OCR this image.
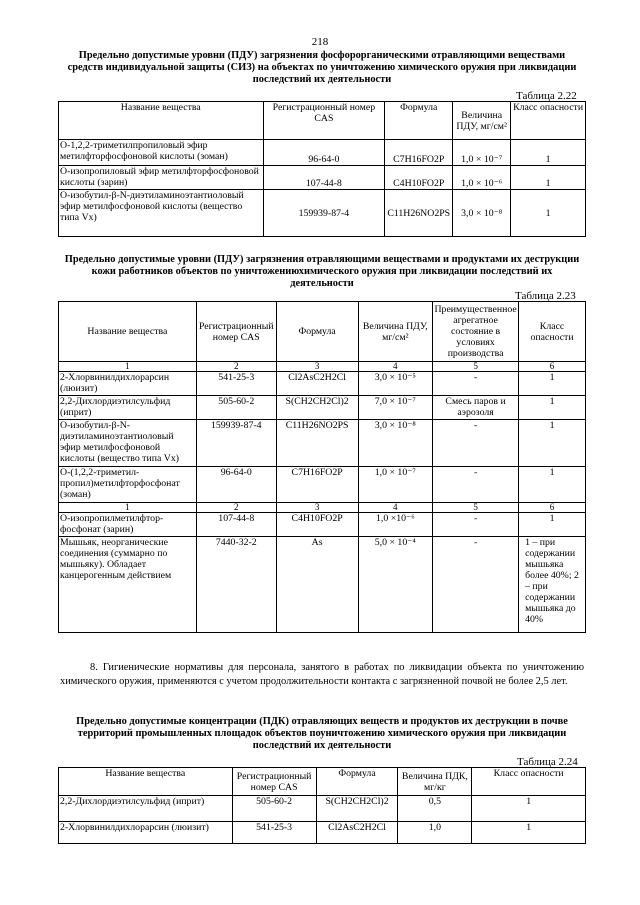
218
Предельно допустимые уровни (ПДУ) загрязнения фосфорорганическими отравляющими веществами средств индивидуальной защиты (СИЗ) на объектах по уничтожению химического оружия при ликвидации последствий их деятельности
Таблица 2.22
Название вещества	Регистрационный номер CAS	Формула	Величина ПДУ, мг/см²	Класс опасности
О-1,2,2-триметилпропиловый эфир метилфторфосфоновой кислоты (зоман)	96-64-0	C7H16FO2P	1,0 × 10⁻⁷	1
О-изопропиловый эфир метилфторфосфоновой кислоты (зарин)	107-44-8	C4H10FO2P	1,0 × 10⁻⁶	1
О-изобутил-β-N-диэтиламиноэтантиоловый эфир метилфосфоновой кислоты (вещество типа Vx)	159939-87-4	C11H26NO2PS	3,0 × 10⁻⁸	1
Предельно допустимые уровни (ПДУ) загрязнения отравляющими веществами и продуктами их деструкции кожи работников объектов по уничтожениюхимического оружия при ликвидации последствий их деятельности
Таблица 2.23
Название вещества	Регистрационный номер CAS	Формула	Величина ПДУ, мг/см²	Преимущественное агрегатное состояние в условиях производства	Класс опасности
1	2	3	4	5	6
2-Хлорвинилдихлорарсин (люизит)	541-25-3	Cl2AsC2H2Cl	3,0 × 10⁻⁵	-	1
2,2-Дихлордиэтилсульфид (иприт)	505-60-2	S(CH2CH2Cl)2	7,0 × 10⁻⁷	Смесь паров и аэрозоля	1
О-изобутил-β-N-диэтиламиноэтантиоловый эфир метилфосфоновой кислоты (вещество типа Vx)	159939-87-4	C11H26NO2PS	3,0 × 10⁻⁸	-	1
О-(1,2,2-триметил-пропил)метилфторфосфонат (зоман)	96-64-0	C7H16FO2P	1,0 × 10⁻⁷	-	1
1	2	3	4	5	6
О-изопропилметилфтор-фосфонат (зарин)	107-44-8	C4H10FO2P	1,0 ×10⁻⁶	-	1
Мышьяк, неорганические соединения (суммарно по мышьяку). Обладает канцерогенным действием	7440-32-2	As	5,0 × 10⁻⁴	-	1 – при содержании мышьяка более 40%; 2 – при содержании мышьяка до 40%
8. Гигиенические нормативы для персонала, занятого в работах по ликвидации объекта по уничтожению химического оружия, применяются с учетом продолжительности контакта с загрязненной почвой не более 2,5 лет.
Предельно допустимые концентрации (ПДК) отравляющих веществ и продуктов их деструкции в почве территорий промышленных площадок объектов поуничтожению химического оружия при ликвидации последствий их деятельности
Таблица 2.24
Название вещества	Регистрационный номер CAS	Формула	Величина ПДК, мг/кг	Класс опасности
2,2-Дихлордиэтилсульфид (иприт)	505-60-2	S(CH2CH2Cl)2	0,5	1
2-Хлорвинилдихлорарсин (люизит)	541-25-3	Cl2AsC2H2Cl	1,0	1
